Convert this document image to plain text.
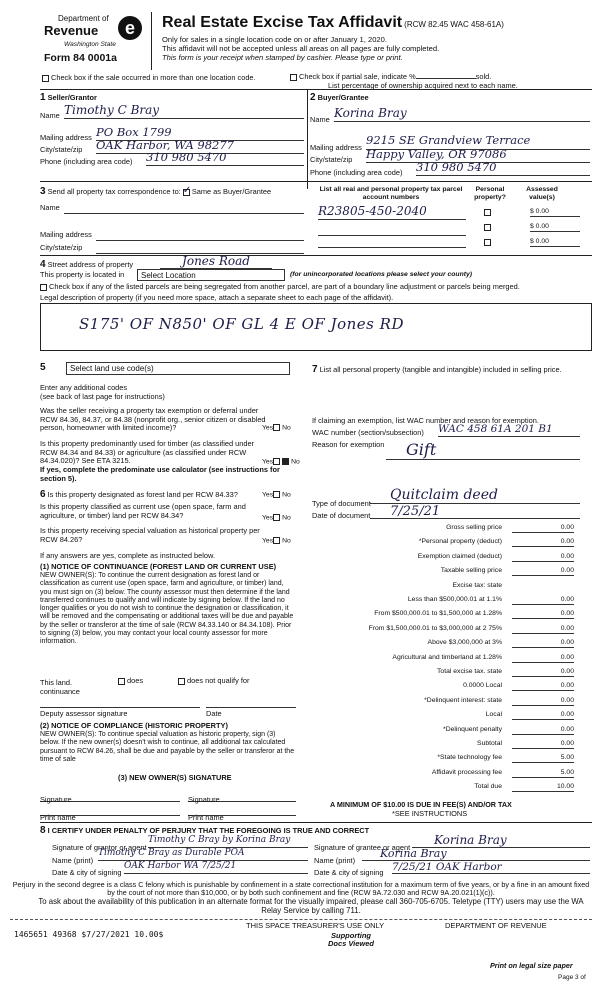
Department of
Revenue	e
Washington State
Form 84 0001a
Real Estate Excise Tax Affidavit (RCW 82.45 WAC 458-61A)
Only for sales in a single location code on or after January 1, 2020.
This affidavit will not be accepted unless all areas on all pages are fully completed.
This form is your receipt when stamped by cashier. Please type or print.
Check box if the sale occurred in more than one location code.	Check box if partial sale, indicate %	sold.
List percentage of ownership acquired next to each name.
1 Seller/Grantor
Name Timothy C Bray
Mailing address PO Box 1799
City/state/zip OAK Harbor, WA 98277
Phone (including area code) 310 980 5470
2 Buyer/Grantee
Name Korina Bray
Mailing address
9215 SE Grandview Terrace
City/state/zip Happy Valley, OR 97086
Phone (including area code) 310 980 5470
3 Send all property tax correspondence to: ✓ Same as Buyer/Grantee
Name
Mailing address
City/state/zip
List all real and personal property tax parcel account numbers
Personal property?
Assessed value(s)
R23805-450-2040	$ 0.00
$ 0.00
$ 0.00
4 Street address of property	Jones Road
This property is located in	Select Location	(for unincorporated locations please select your county)
Check box if any of the listed parcels are being segregated from another parcel, are part of a boundary line adjustment or parcels being merged.
Legal description of property (if you need more space, attach a separate sheet to each page of the affidavit).
S175' OF N850' OF GL 4 E OF Jones RD
5	Select land use code(s)
Enter any additional codes
(see back of last page for instructions)
Was the seller receiving a property tax exemption or deferral under RCW 84.36, 84.37, or 84.38 (nonprofit org., senior citizen or disabled person, homeowner with limited income)?	Yes No
Is this property predominantly used for timber (as classified under RCW 84.34 and 84.33) or agriculture (as classified under RCW 84.34.020)? See ETA 3215.	Yes	No
If yes, complete the predominate use calculator (see instructions for section 5).
7 List all personal property (tangible and intangible) included in selling price.
If claiming an exemption, list WAC number and reason for exemption.
WAC number (section/subsection) WAC 458 61A 201 B1
Reason for exemption	Gift
Type of document
Quitclaim deed
Date of document	7/25/21
6 Is this property designated as forest land per RCW 84.33?	Yes No
Is this property classified as current use (open space, farm and agriculture, or timber) land per RCW 84.34?	Yes No
Is this property receiving special valuation as historical property per RCW 84.26?	Yes No
If any answers are yes, complete as instructed below.
(1) NOTICE OF CONTINUANCE (FOREST LAND OR CURRENT USE)
NEW OWNER(S): To continue the current designation as forest land or classification as current use (open space, farm and agriculture, or timber) land, you must sign on (3) below. The county assessor must then determine if the land transferred continues to qualify and will indicate by signing below. If the land no longer qualifies or you do not wish to continue the designation or classification, it will be removed and the compensating or additional taxes will be due and payable by the seller or transferor at the time of sale (RCW 84.33.140 or 84.34.108). Prior to signing (3) below, you may contact your local county assessor for more information.
This land.	does	does not qualify for
continuance
Deputy assessor signature	Date
(2) NOTICE OF COMPLIANCE (HISTORIC PROPERTY)
NEW OWNER(S): To continue special valuation as historic property, sign (3) below. If the new owner(s) doesn't wish to continue, all additional tax calculated pursuant to RCW 84.26, shall be due and payable by the seller or transferor at the time of sale
(3) NEW OWNER(S) SIGNATURE
Signature	Signature
Print name	Print name
Gross selling price	0.00
*Personal property (deduct)	0.00
Exemption claimed (deduct)	0.00
Taxable selling price	0.00
Excise tax: state
Less than $500,000.01 at 1.1%	0.00
From $500,000.01 to $1,500,000 at 1.28%	0.00
From $1,500,000.01 to $3,000,000 at 2 75%	0.00
Above $3,000,000 at 3%	0.00
Agricultural and timberland at 1.28%	0.00
Total excise tax. state	0.00
0.0000 Local	0.00
*Delinquent interest: state	0.00
Local	0.00
*Delinquent penalty	0.00
Subtotal	0.00
*State technology fee	5.00
Affidavit processing fee	5.00
Total due	10.00
A MINIMUM OF $10.00 IS DUE IN FEE(S) AND/OR TAX
*SEE INSTRUCTIONS
8 I CERTIFY UNDER PENALTY OF PERJURY THAT THE FOREGOING IS TRUE AND CORRECT
Signature of grantor or agent
Timothy C Bray by Korina Bray
Name (print)
Timothy C Bray as Durable POA
Date & city of signing
OAK Harbor WA 7/25/21
Signature of grantee or agent
Korina Bray
Name (print)
Korina Bray
Date & city of signing 7/25/21 OAK Harbor
Perjury in the second degree is a class C felony which is punishable by confinement in a state correctional institution for a maximum term of five years, or by a fine in an amount fixed by the court of not more than $10,000, or by both such confinement and fine (RCW 9A.72.030 and RCW 9A.20.021(1)(c)).
To ask about the availability of this publication in an alternate format for the visually impaired, please call 360-705-6705. Teletype (TTY) users may use the WA Relay Service by calling 711.
1465651 49368 $7/27/2021 10.00$
THIS SPACE TREASURER'S USE ONLY	DEPARTMENT OF REVENUE
Supporting Docs Viewed
Print on legal size paper
Page 3 of
